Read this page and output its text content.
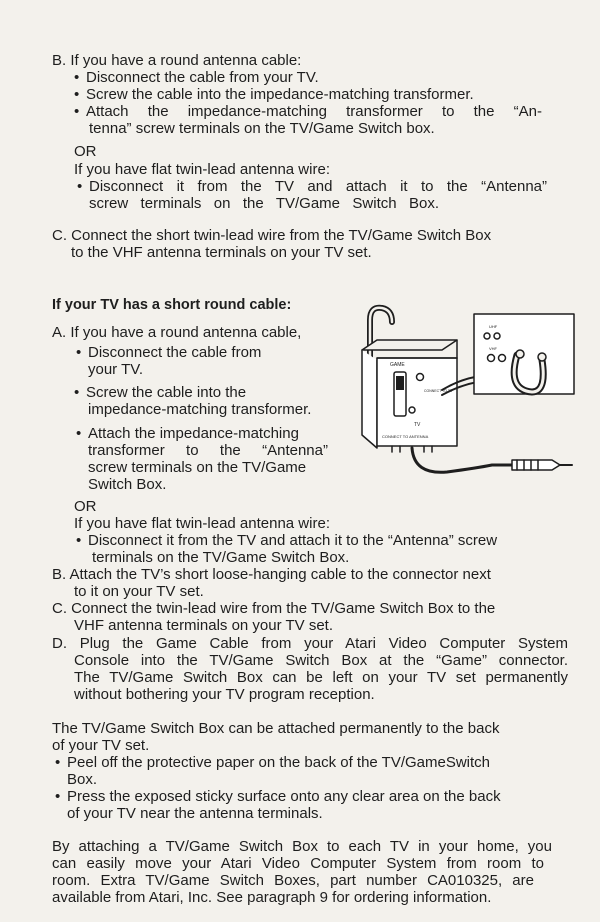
B. If you have a round antenna cable:
• Disconnect the cable from your TV.
• Screw the cable into the impedance-matching transformer.
• Attach the impedance-matching transformer to the “An-
tenna” screw terminals on the TV/Game Switch box.
OR
If you have flat twin-lead antenna wire:
• Disconnect it from the TV and attach it to the “Antenna”
screw terminals on the TV/Game Switch Box.
C. Connect the short twin-lead wire from the TV/Game Switch Box
to the VHF antenna terminals on your TV set.
If your TV has a short round cable:
A. If you have a round antenna cable,
• Disconnect the cable from
your TV.
• Screw the cable into the
impedance-matching transformer.
• Attach the impedance-matching
transformer to the “Antenna”
screw terminals on the TV/Game
Switch Box.
OR
If you have flat twin-lead antenna wire:
• Disconnect it from the TV and attach it to the “Antenna” screw
terminals on the TV/Game Switch Box.
B. Attach the TV’s short loose-hanging cable to the connector next
to it on your TV set.
C. Connect the twin-lead wire from the TV/Game Switch Box to the
VHF antenna terminals on your TV set.
D. Plug the Game Cable from your Atari Video Computer System
Console into the TV/Game Switch Box at the “Game” connector.
The TV/Game Switch Box can be left on your TV set permanently
without bothering your TV program reception.
The TV/Game Switch Box can be attached permanently to the back
of your TV set.
• Peel off the protective paper on the back of the TV/GameSwitch
Box.
• Press the exposed sticky surface onto any clear area on the back
of your TV near the antenna terminals.
By attaching a TV/Game Switch Box to each TV in your home, you
can easily move your Atari Video Computer System from room to
room. Extra TV/Game Switch Boxes, part number CA010325, are
available from Atari, Inc. See paragraph 9 for ordering information.
GAME
TV
CONNECT TO TV
CONNECT TO ANTENNA
UHF
VHF
